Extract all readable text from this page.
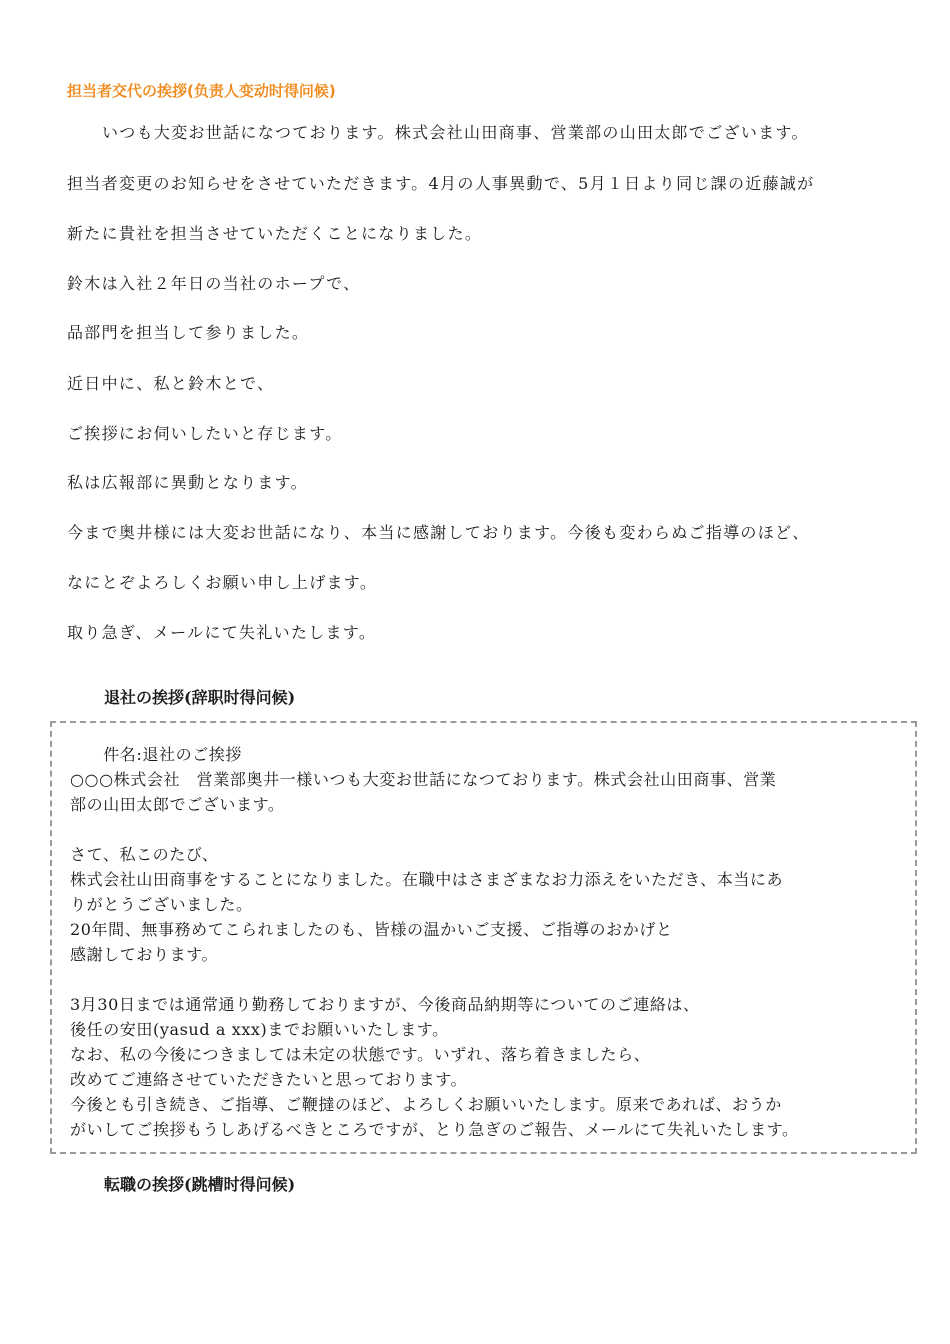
担当者交代の挨拶(负责人变动时得问候)
いつも大変お世話になつております。株式会社山田商事、営業部の山田太郎でございます。
担当者変更のお知らせをさせていただきます。4月の人事異動で、5月１日より同じ課の近藤誠が
新たに貴社を担当させていただくことになりました。
鈴木は入社２年日の当社のホープで、
品部門を担当して参りました。
近日中に、私と鈴木とで、
ご挨拶にお伺いしたいと存じます。
私は広報部に異動となります。
今まで奥井様には大変お世話になり、本当に感謝しております。今後も変わらぬご指導のほど、
なにとぞよろしくお願い申し上げます。
取り急ぎ、メールにて失礼いたします。
退社の挨拶(辞职时得问候)
　　件名:退社のご挨拶
○○○株式会社　営業部奥井一様いつも大変お世話になつております。株式会社山田商事、営業
部の山田太郎でございます。
さて、私このたび、
株式会社山田商事をすることになりました。在職中はさまざまなお力添えをいただき、本当にあ
りがとうございました。
20年間、無事務めてこられましたのも、皆様の温かいご支援、ご指導のおかげと
感謝しております。
3月30日までは通常通り勤務しておりますが、今後商品納期等についてのご連絡は、
後任の安田(yasud a xxx)までお願いいたします。
なお、私の今後につきましては未定の状態です。いずれ、落ち着きましたら、
改めてご連絡させていただきたいと思っております。
今後とも引き続き、ご指導、ご鞭撻のほど、よろしくお願いいたします。原来であれば、おうか
がいしてご挨拶もうしあげるべきところですが、とり急ぎのご報告、メールにて失礼いたします。
転職の挨拶(跳槽时得问候)
